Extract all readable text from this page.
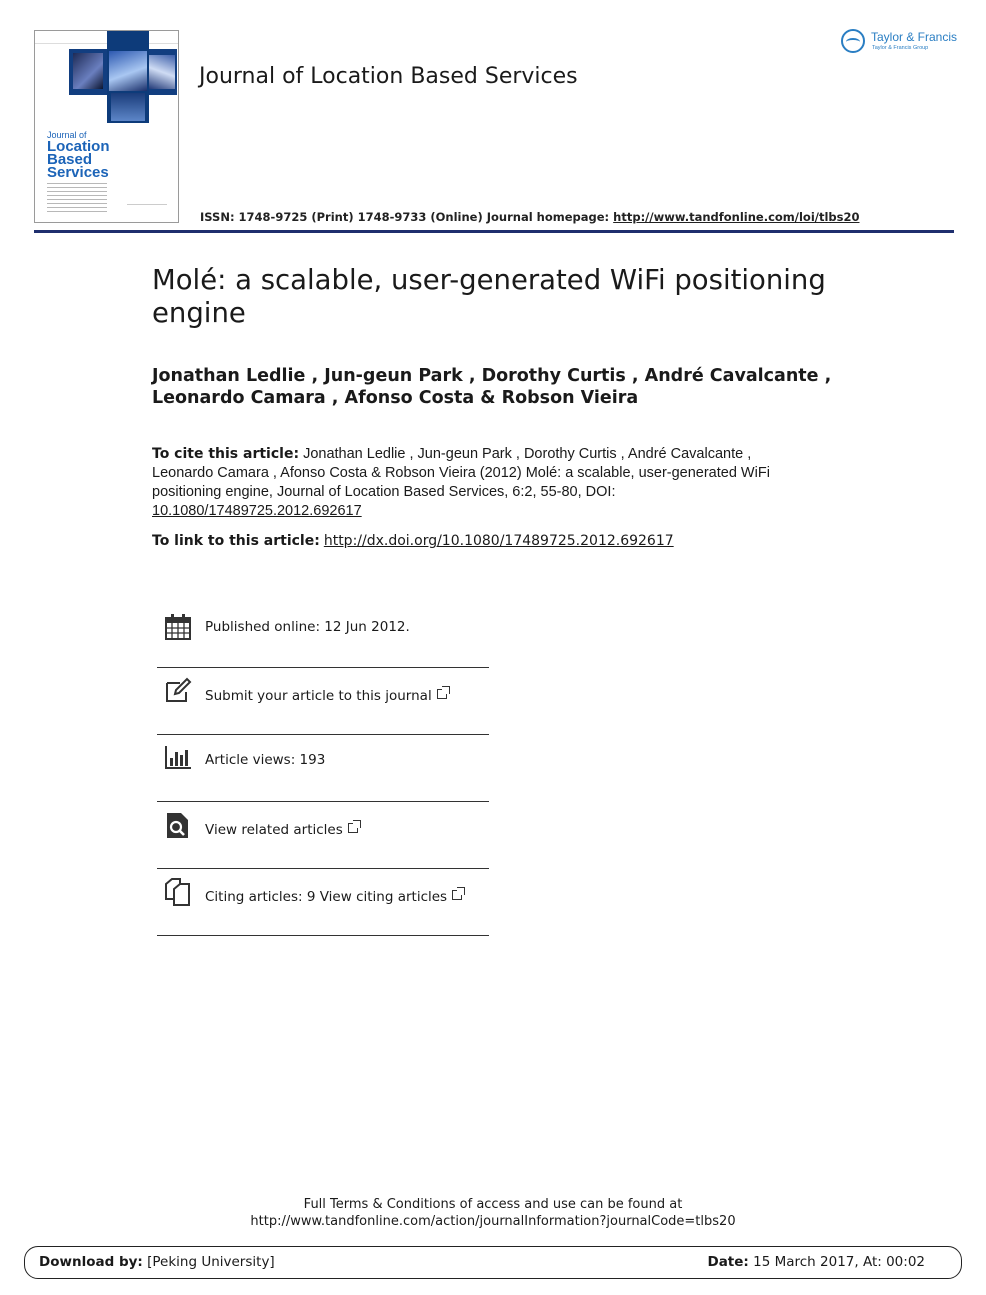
Journal of
Location
Based
Services
Journal of Location Based Services
Taylor & Francis
Taylor & Francis Group
ISSN: 1748-9725 (Print) 1748-9733 (Online) Journal homepage: http://www.tandfonline.com/loi/tlbs20
Molé: a scalable, user-generated WiFi positioning engine
Jonathan Ledlie , Jun-geun Park , Dorothy Curtis , André Cavalcante , Leonardo Camara , Afonso Costa & Robson Vieira
To cite this article: Jonathan Ledlie , Jun-geun Park , Dorothy Curtis , André Cavalcante , Leonardo Camara , Afonso Costa & Robson Vieira (2012) Molé: a scalable, user-generated WiFi positioning engine, Journal of Location Based Services, 6:2, 55-80, DOI: 10.1080/17489725.2012.692617
To link to this article: http://dx.doi.org/10.1080/17489725.2012.692617
Published online: 12 Jun 2012.
Submit your article to this journal
Article views: 193
View related articles
Citing articles: 9 View citing articles
Full Terms & Conditions of access and use can be found at
http://www.tandfonline.com/action/journalInformation?journalCode=tlbs20
Download by: [Peking University]	Date: 15 March 2017, At: 00:02
